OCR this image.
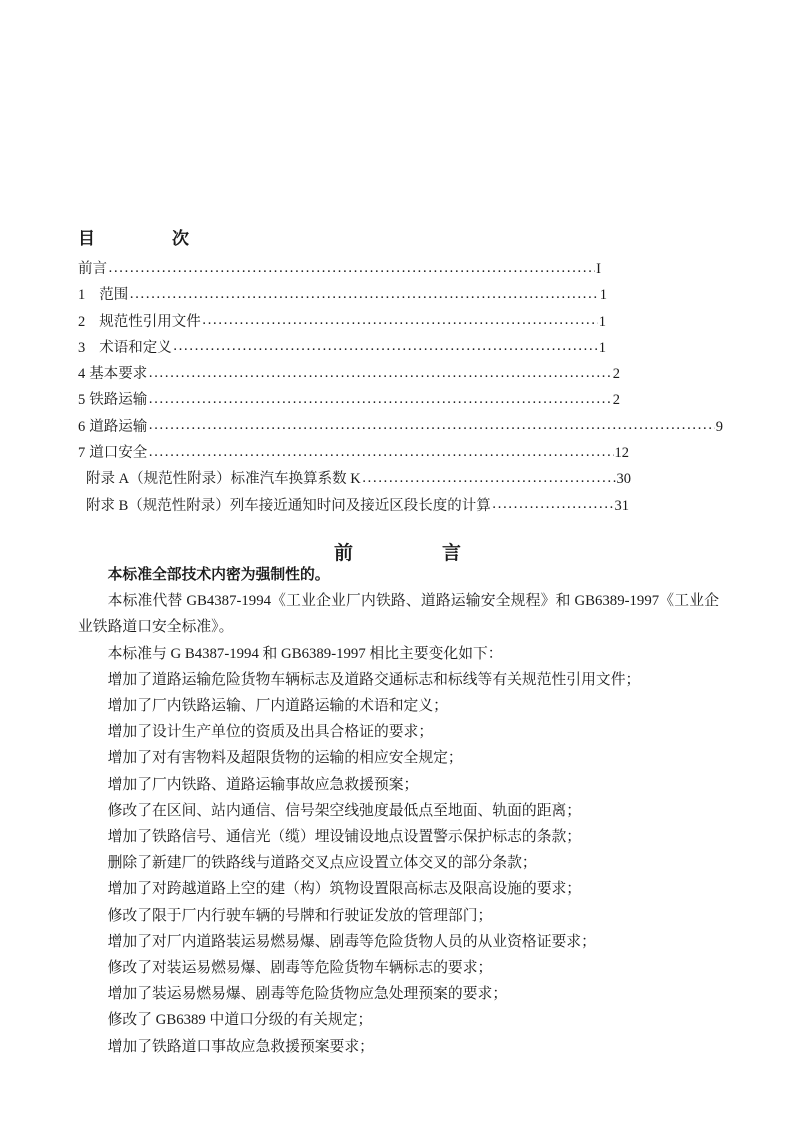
目    次
前言 ·····	I
1 范围 ·····	1
2 规范性引用文件 ·····	1
3 术语和定义 ·····	1
4 基本要求 ·····	2
5 铁路运输 ·····	2
6 道路运输 ·····	9
7 道口安全 ·····	12
附录 A（规范性附录）标准汽车换算系数 K ·····	30
附求 B（规范性附录）列车接近通知时问及接近区段长度的计算 ·····	31
前    言

本标准全部技术内密为强制性的。

本标准代替 GB4387-1994《工业企业厂内铁路、道路运输安全规程》和 GB6389-1997《工业企业铁路道口安全标准》。

本标准与 G B4387-1994 和 GB6389-1997 相比主要变化如下：

增加了道路运输危险货物车辆标志及道路交通标志和标线等有关规范性引用文件；

增加了厂内铁路运输、厂内道路运输的术语和定义；

增加了设计生产单位的资质及出具合格证的要求；

增加了对有害物料及超限货物的运输的相应安全规定；

增加了厂内铁路、道路运输事故应急救援预案；

修改了在区间、站内通信、信号架空线弛度最低点至地面、轨面的距离；

增加了铁路信号、通信光（缆）埋设铺设地点设置警示保护标志的条款；

删除了新建厂的铁路线与道路交叉点应设置立体交叉的部分条款；

增加了对跨越道路上空的建（构）筑物设置限高标志及限高设施的要求；

修改了限于厂内行驶车辆的号牌和行驶证发放的管理部门；

增加了对厂内道路装运易燃易爆、剧毒等危险货物人员的从业资格证要求；

修改了对装运易燃易爆、剧毒等危险货物车辆标志的要求；

增加了装运易燃易爆、剧毒等危险货物应急处理预案的要求；

修改了 GB6389 中道口分级的有关规定；

增加了铁路道口事故应急救援预案要求；
